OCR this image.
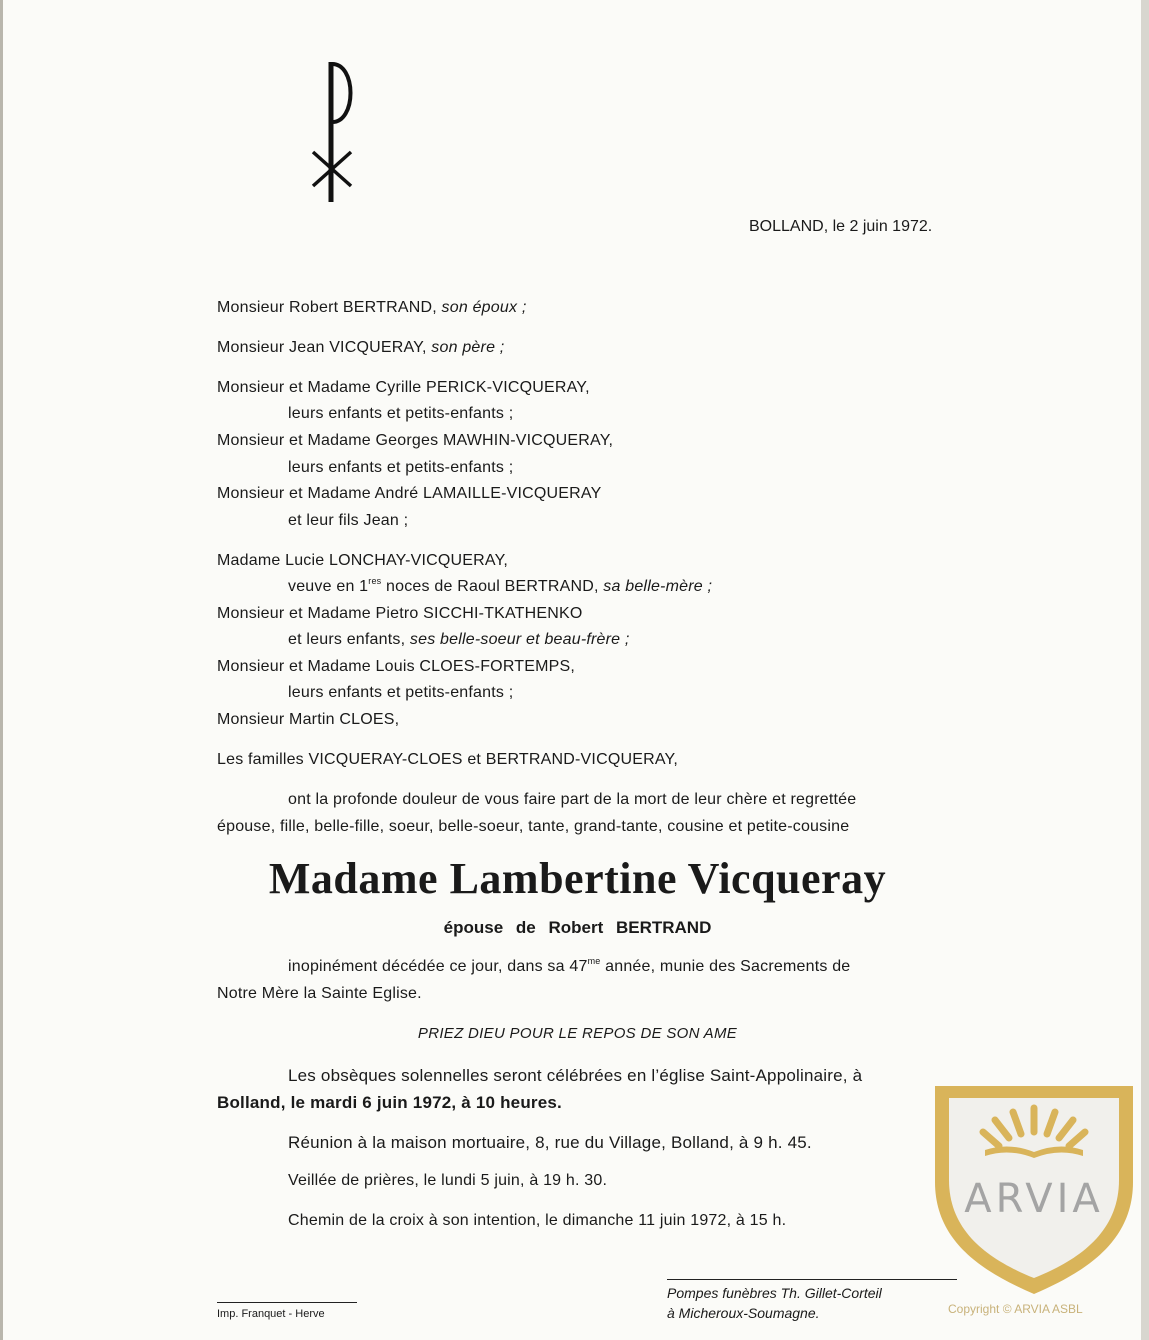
BOLLAND, le 2 juin 1972.
Monsieur Robert BERTRAND, son époux ;
Monsieur Jean VICQUERAY, son père ;
Monsieur et Madame Cyrille PERICK-VICQUERAY,
leurs enfants et petits-enfants ;
Monsieur et Madame Georges MAWHIN-VICQUERAY,
leurs enfants et petits-enfants ;
Monsieur et Madame André LAMAILLE-VICQUERAY
et leur fils Jean ;
Madame Lucie LONCHAY-VICQUERAY,
veuve en 1res noces de Raoul BERTRAND, sa belle-mère ;
Monsieur et Madame Pietro SICCHI-TKATHENKO
et leurs enfants, ses belle-soeur et beau-frère ;
Monsieur et Madame Louis CLOES-FORTEMPS,
leurs enfants et petits-enfants ;
Monsieur Martin CLOES,
Les familles VICQUERAY-CLOES et BERTRAND-VICQUERAY,
ont la profonde douleur de vous faire part de la mort de leur chère et regrettée
épouse, fille, belle-fille, soeur, belle-soeur, tante, grand-tante, cousine et petite-cousine
Madame Lambertine Vicqueray
épouse de Robert BERTRAND
inopinément décédée ce jour, dans sa $47^{me}$ année, munie des Sacrements de
Notre Mère la Sainte Eglise.
PRIEZ DIEU POUR LE REPOS DE SON AME
Les obsèques solennelles seront célébrées en l’église Saint-Appolinaire, à
Bolland, le mardi 6 juin 1972, à 10 heures.
Réunion à la maison mortuaire, 8, rue du Village, Bolland, à 9 h. 45.
Veillée de prières, le lundi 5 juin, à 19 h. 30.
Chemin de la croix à son intention, le dimanche 11 juin 1972, à 15 h.
Imp. Franquet - Herve
Pompes funèbres Th. Gillet-Corteil
à Micheroux-Soumagne.
ARVIA
Copyright © ARVIA ASBL
